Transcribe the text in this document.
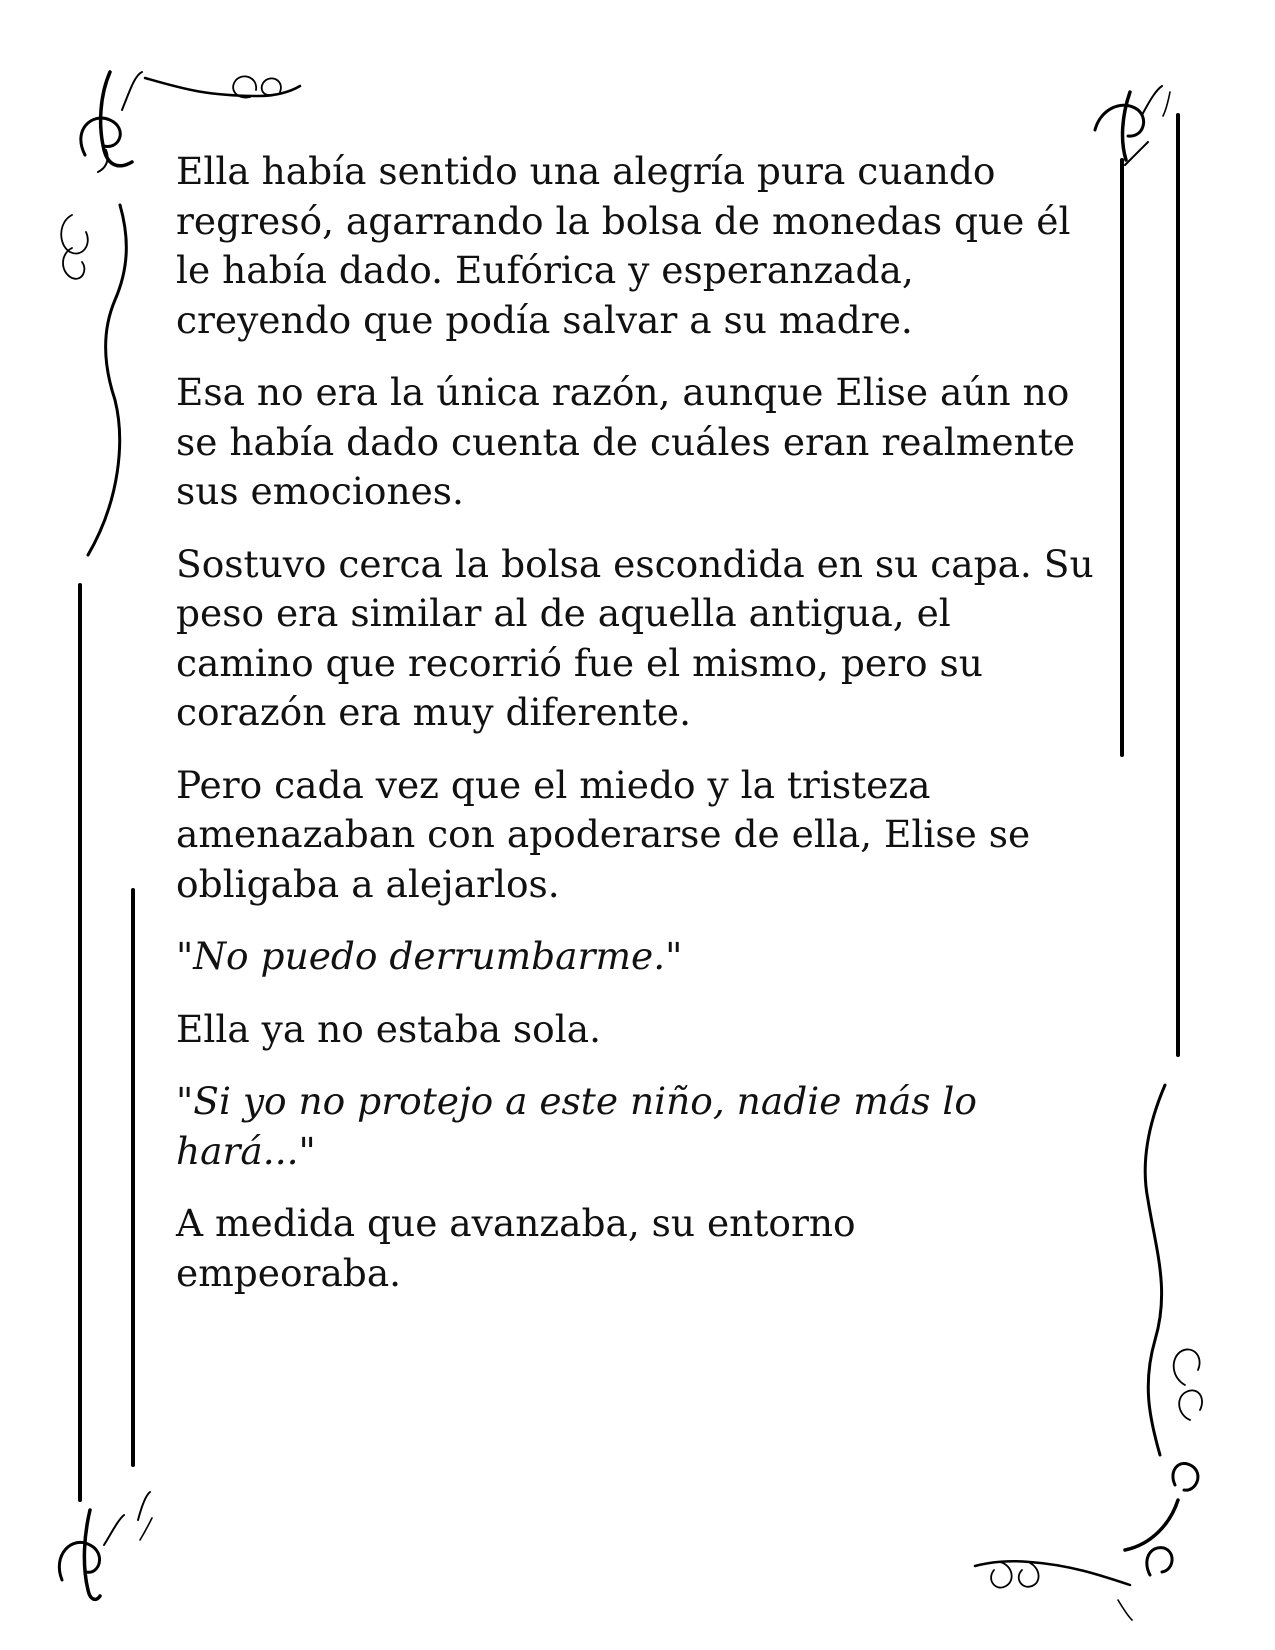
Ella había sentido una alegría pura cuando
regresó, agarrando la bolsa de monedas que él
le había dado. Eufórica y esperanzada,
creyendo que podía salvar a su madre.

Esa no era la única razón, aunque Elise aún no
se había dado cuenta de cuáles eran realmente
sus emociones.

Sostuvo cerca la bolsa escondida en su capa. Su
peso era similar al de aquella antigua, el
camino que recorrió fue el mismo, pero su
corazón era muy diferente.

Pero cada vez que el miedo y la tristeza
amenazaban con apoderarse de ella, Elise se
obligaba a alejarlos.

"No puedo derrumbarme."

Ella ya no estaba sola.

"Si yo no protejo a este niño, nadie más lo
hará..."

A medida que avanzaba, su entorno
empeoraba.
